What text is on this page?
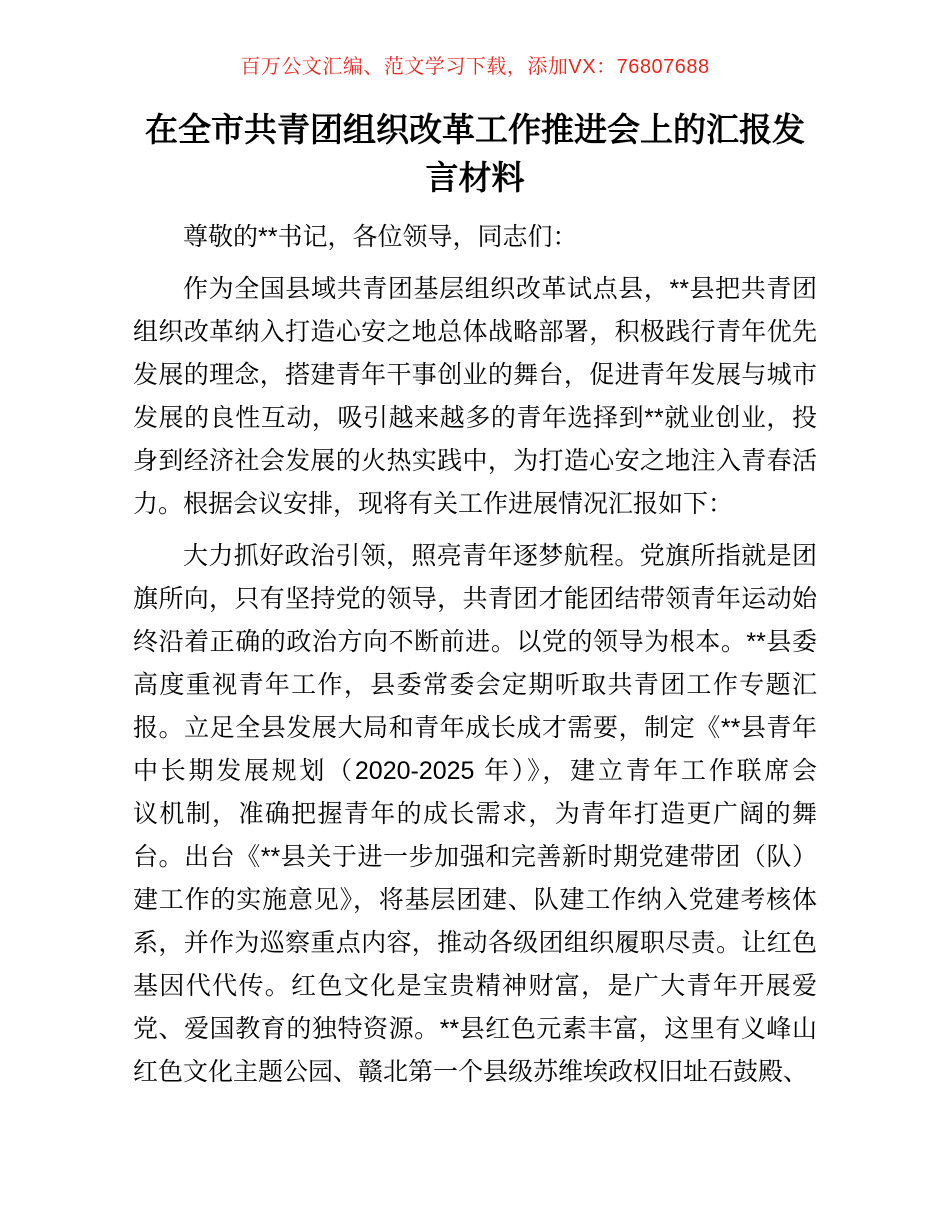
百万公文汇编、范文学习下载，添加VX：76807688
在全市共青团组织改革工作推进会上的汇报发言材料
尊敬的**书记，各位领导，同志们：
作为全国县域共青团基层组织改革试点县，**县把共青团
组织改革纳入打造心安之地总体战略部署，积极践行青年优先
发展的理念，搭建青年干事创业的舞台，促进青年发展与城市
发展的良性互动，吸引越来越多的青年选择到**就业创业，投
身到经济社会发展的火热实践中，为打造心安之地注入青春活
力。根据会议安排，现将有关工作进展情况汇报如下：
大力抓好政治引领，照亮青年逐梦航程。党旗所指就是团
旗所向，只有坚持党的领导，共青团才能团结带领青年运动始
终沿着正确的政治方向不断前进。以党的领导为根本。**县委
高度重视青年工作，县委常委会定期听取共青团工作专题汇
报。立足全县发展大局和青年成长成才需要，制定《**县青年
中长期发展规划（2020-2025 年）》，建立青年工作联席会
议机制，准确把握青年的成长需求，为青年打造更广阔的舞
台。出台《**县关于进一步加强和完善新时期党建带团（队）
建工作的实施意见》，将基层团建、队建工作纳入党建考核体
系，并作为巡察重点内容，推动各级团组织履职尽责。让红色
基因代代传。红色文化是宝贵精神财富，是广大青年开展爱
党、爱国教育的独特资源。**县红色元素丰富，这里有义峰山
红色文化主题公园、赣北第一个县级苏维埃政权旧址石鼓殿、
